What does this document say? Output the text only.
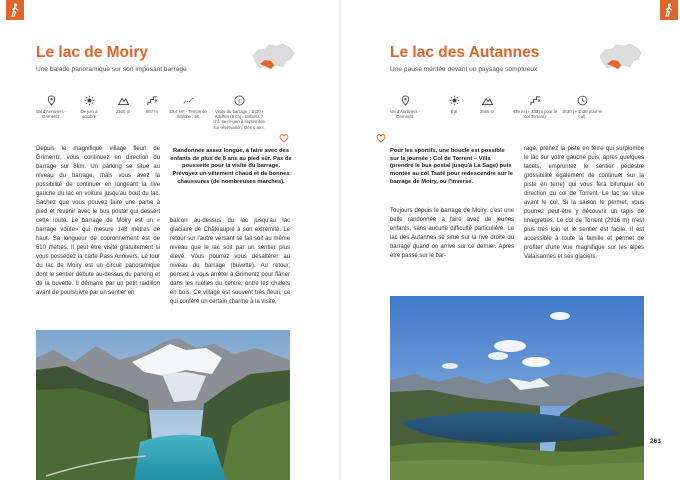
Le lac de Moiry
Une balade panoramique sur son imposant barrage
Val d'Anniviers - Grimentz
De juin à octobre
2500 m	567 m	13,4 km - Temps de marche : 5h
€
Visite du barrage : 1h30 / Adultes (8 ch) - Enfants 7 chf. 6e-m-uen à septembre sur réservation. Dès 6 ans.

Depuis le magnifique village fleuri de Grimentz, vous continuez en direction du barrage sur 8km. Un parking se situe au niveau du barrage, mais vous avez la possibilité de continuer en longeant la rive gauche du lac en voiture jusqu'au bout du lac. Sachez que vous pouvez faire une partie à pied et revenir avec le bus postal qui dessert cette route. Le barrage de Moiry est un « barrage voûte» qui mesure 148 mètres de haut. Sa longueur de couronnement est de 610 mètres. Il peut être visité gratuitement si vous possédez la carte Pass Annivers. Le tour du lac de Moiry est un circuit panoramique dont le sentier débute au-dessus du parking et de la buvette. Il démarre par un petit raidillon avant de poursuivre par un sentier en

Randonnée assez longue, à faire avec des enfants de plus de 8 ans au pied sûr. Pas de poussette pour la visite du barrage. Prévoyez un vêtement chaud et de bonnes chaussures (de nombreuses marches).

balcon au-dessus du lac jusqu'au lac glaciaire de Châteaupré à son extrémité. Le retour sur l'autre versant se fait soit au même niveau que le lac soit par un sentier plus élevé. Vous pourrez vous désaltérer au niveau du barrage (buvette). Au retour, pensez à vous arrêter à Grimentz pour flâner dans les ruelles du centre, entre les chalets en bois. Ce village est souvent très fleuri, ce qui confère un certain charme à la visite.

Le lac des Autannes
Une pause méritée devant un paysage somptueux
Val d'Anniviers - Grimentz
Été	2565 m	439 m (+ 330 m pour le col Torrent)
3h30 (+ 1h30 pour le col)
Pour les sportifs, une boucle est possible sur la journée : Col de Torrent – Villa (prendre le bus postal jusqu'à La Sage) puis montée au col Tsaté pour redescendre sur le barrage de Moiry, ou l'inverse.

Toujours depuis le barrage de Moiry, c'est une belle randonnée à faire avec de jeunes enfants, sans aucune difficulté particulière. Le lac des Autannes se situe sur la rive droite du barrage quand on arrive sur ce dernier. Après être passé sur le bar-

rage, prenez la piste en terre qui surplombe le lac sur votre gauche puis, après quelques lacets, empruntez le sentier pédestre (possibilité également de continuer sur la piste en terre) qui vous fera bifurquer en direction du col de Torrent. Le lac se situe avant le col. Si la saison le permet, vous pourrez peut-être y découvrir un tapis de linaigrettes. Le col de Torrent (2916 m) n'est plus très loin et le sentier est facile. Il est accessible à toute la famille et permet de profiter d'une vue magnifique sur les alpes Valaisannes et ses glaciers.

263
